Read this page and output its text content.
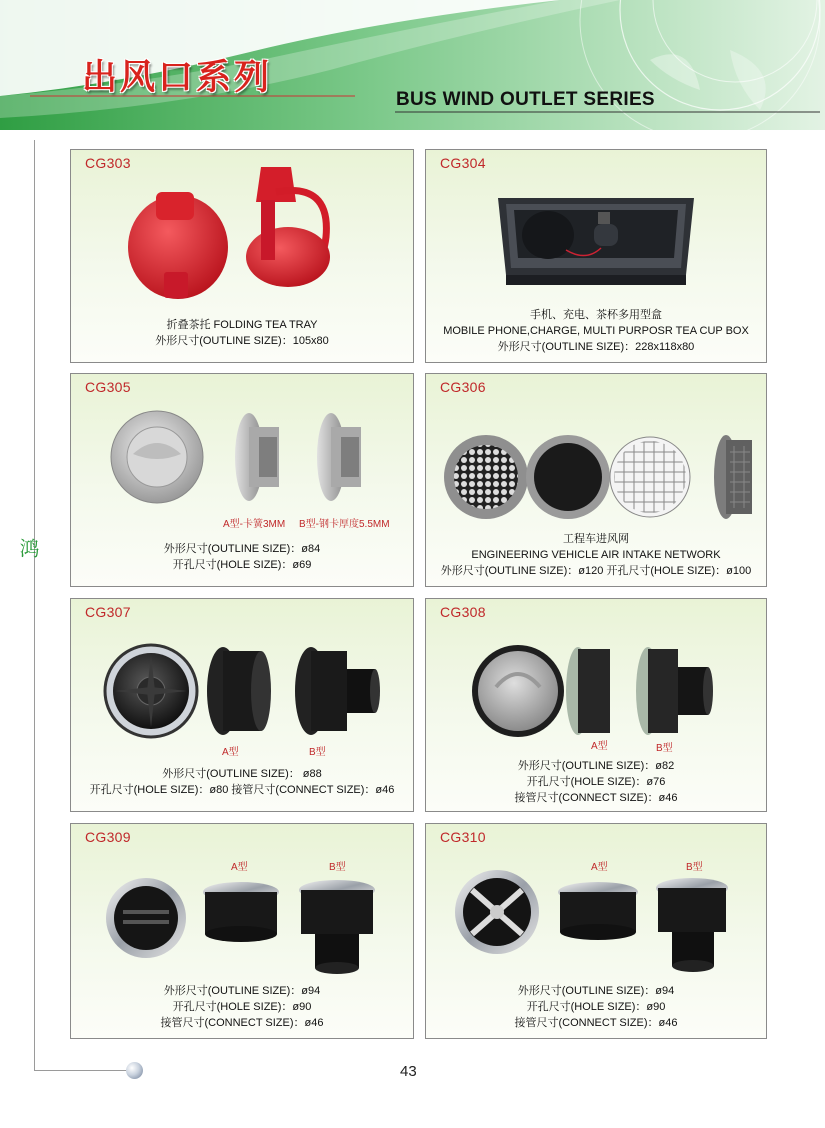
出风口系列
BUS WIND OUTLET SERIES
鸿
43
CG303
折叠茶托 FOLDING TEA TRAY
外形尺寸(OUTLINE SIZE)：105x80
CG304
手机、充电、茶杯多用型盒
MOBILE PHONE,CHARGE, MULTI PURPOSR TEA CUP BOX
外形尺寸(OUTLINE SIZE)：228x118x80
CG305
A型-卡簧3MM B型-钢卡厚度5.5MM
外形尺寸(OUTLINE SIZE)：ø84
开孔尺寸(HOLE SIZE)：ø69
CG306
工程车进风网
ENGINEERING VEHICLE AIR INTAKE NETWORK
外形尺寸(OUTLINE SIZE)：ø120 开孔尺寸(HOLE SIZE)：ø100
CG307
A型	B型
外形尺寸(OUTLINE SIZE)： ø88
开孔尺寸(HOLE SIZE)：ø80 接管尺寸(CONNECT SIZE)：ø46
CG308
A型	B型
外形尺寸(OUTLINE SIZE)：ø82
开孔尺寸(HOLE SIZE)：ø76
接管尺寸(CONNECT SIZE)：ø46
CG309
A型	B型
外形尺寸(OUTLINE SIZE)：ø94
开孔尺寸(HOLE SIZE)：ø90
接管尺寸(CONNECT SIZE)：ø46
CG310
A型	B型
外形尺寸(OUTLINE SIZE)：ø94
开孔尺寸(HOLE SIZE)：ø90
接管尺寸(CONNECT SIZE)：ø46
